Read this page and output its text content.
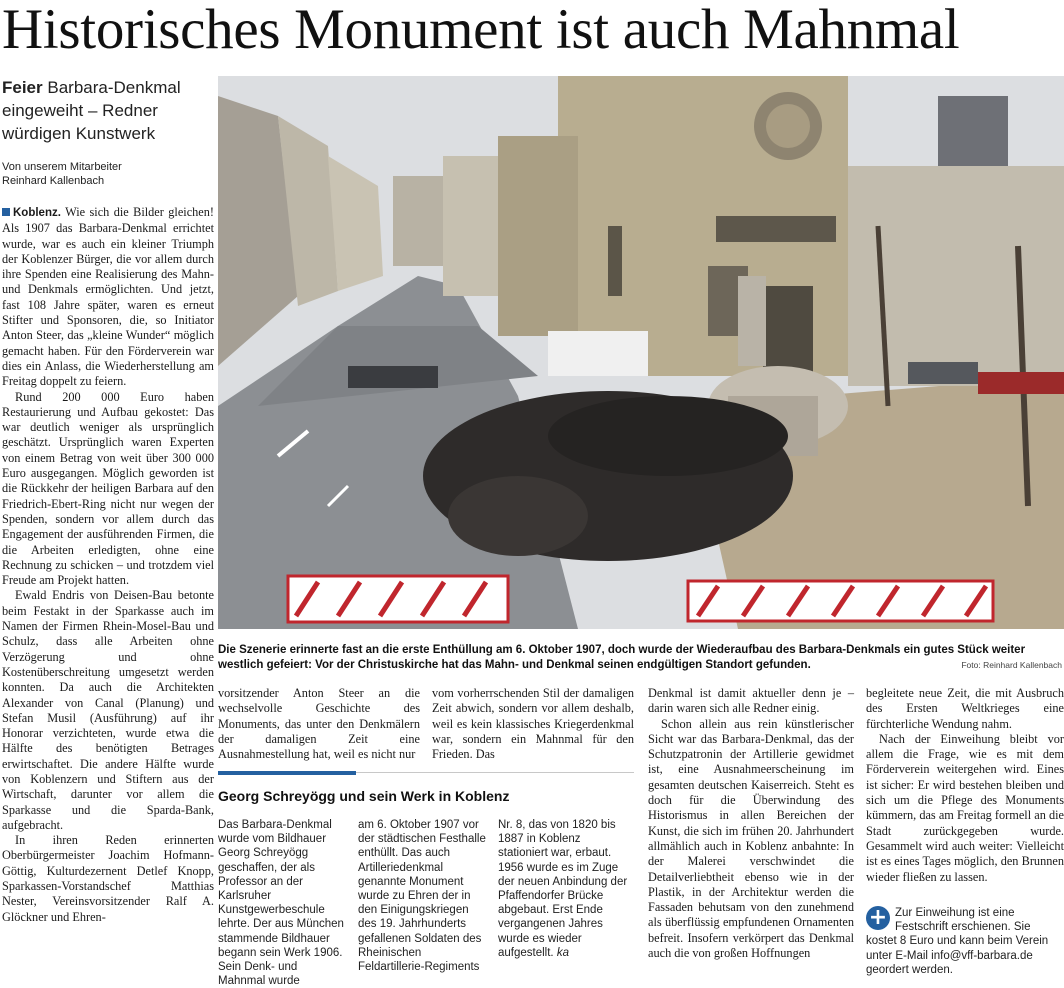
Historisches Monument ist auch Mahnmal
Feier Barbara-Denkmal eingeweiht – Redner würdigen Kunstwerk
Von unserem Mitarbeiter
Reinhard Kallenbach

Koblenz. Wie sich die Bilder gleichen! Als 1907 das Barbara-Denkmal errichtet wurde, war es auch ein kleiner Triumph der Koblenzer Bürger, die vor allem durch ihre Spenden eine Realisierung des Mahn- und Denkmals ermöglichten. Und jetzt, fast 108 Jahre später, waren es erneut Stifter und Sponsoren, die, so Initiator Anton Steer, das „kleine Wunder“ möglich gemacht haben. Für den Förderverein war dies ein Anlass, die Wiederherstellung am Freitag doppelt zu feiern.

Rund 200 000 Euro haben Restaurierung und Aufbau gekostet: Das war deutlich weniger als ursprünglich geschätzt. Ursprünglich waren Experten von einem Betrag von weit über 300 000 Euro ausgegangen. Möglich geworden ist die Rückkehr der heiligen Barbara auf den Friedrich-Ebert-Ring nicht nur wegen der Spenden, sondern vor allem durch das Engagement der ausführenden Firmen, die die Arbeiten erledigten, ohne eine Rechnung zu schicken – und trotzdem viel Freude am Projekt hatten.

Ewald Endris von Deisen-Bau betonte beim Festakt in der Sparkasse auch im Namen der Firmen Rhein-Mosel-Bau und Schulz, dass alle Arbeiten ohne Verzögerung und ohne Kostenüberschreitung umgesetzt werden konnten. Da auch die Architekten Alexander von Canal (Planung) und Stefan Musil (Ausführung) auf ihr Honorar verzichteten, wurde etwa die Hälfte des benötigten Betrages erwirtschaftet. Die andere Hälfte wurde von Koblenzern und Stiftern aus der Wirtschaft, darunter vor allem die Sparkasse und die Sparda-Bank, aufgebracht.

In ihren Reden erinnerten Oberbürgermeister Joachim Hofmann-Göttig, Kulturdezernent Detlef Knopp, Sparkassen-Vorstandschef Matthias Nester, Vereinsvorsitzender Ralf A. Glöckner und Ehren-

Die Szenerie erinnerte fast an die erste Enthüllung am 6. Oktober 1907, doch wurde der Wiederaufbau des Barbara-Denkmals ein gutes Stück weiter westlich gefeiert: Vor der Christuskirche hat das Mahn- und Denkmal seinen endgültigen Standort gefunden.	Foto: Reinhard Kallenbach

vorsitzender Anton Steer an die wechselvolle Geschichte des Monuments, das unter den Denkmälern der damaligen Zeit eine Ausnahmestellung hat, weil es nicht nur

vom vorherrschenden Stil der damaligen Zeit abwich, sondern vor allem deshalb, weil es kein klassisches Kriegerdenkmal war, sondern ein Mahnmal für den Frieden. Das

Denkmal ist damit aktueller denn je – darin waren sich alle Redner einig.

Schon allein aus rein künstlerischer Sicht war das Barbara-Denkmal, das der Schutzpatronin der Artillerie gewidmet ist, eine Ausnahmeerscheinung im gesamten deutschen Kaiserreich. Steht es doch für die Überwindung des Historismus in allen Bereichen der Kunst, die sich im frühen 20. Jahrhundert allmählich auch in Koblenz anbahnte: In der Malerei verschwindet die Detailverliebtheit ebenso wie in der Plastik, in der Architektur werden die Fassaden behutsam von den zunehmend als überflüssig empfundenen Ornamenten befreit. Insofern verkörpert das Denkmal auch die von großen Hoffnungen

begleitete neue Zeit, die mit Ausbruch des Ersten Weltkrieges eine fürchterliche Wendung nahm.

Nach der Einweihung bleibt vor allem die Frage, wie es mit dem Förderverein weitergehen wird. Eines ist sicher: Er wird bestehen bleiben und sich um die Pflege des Monuments kümmern, das am Freitag formell an die Stadt zurückgegeben wurde. Gesammelt wird auch weiter: Vielleicht ist es eines Tages möglich, den Brunnen wieder fließen zu lassen.

Georg Schreyögg und sein Werk in Koblenz
Das Barbara-Denkmal wurde vom Bildhauer Georg Schreyögg geschaffen, der als Professor an der Karlsruher Kunstgewerbeschule lehrte. Der aus München stammende Bildhauer begann sein Werk 1906. Sein Denk- und Mahnmal wurde
am 6. Oktober 1907 vor der städtischen Festhalle enthüllt. Das auch Artilleriedenkmal genannte Monument wurde zu Ehren der in den Einigungskriegen des 19. Jahrhunderts gefallenen Soldaten des Rheinischen Feldartillerie-Regiments
Nr. 8, das von 1820 bis 1887 in Koblenz stationiert war, erbaut. 1956 wurde es im Zuge der neuen Anbindung der Pfaffendorfer Brücke abgebaut. Erst Ende vergangenen Jahres wurde es wieder aufgestellt. ka
+ Zur Einweihung ist eine Festschrift erschienen. Sie kostet 8 Euro und kann beim Verein unter E-Mail info@vff-barbara.de geordert werden.
